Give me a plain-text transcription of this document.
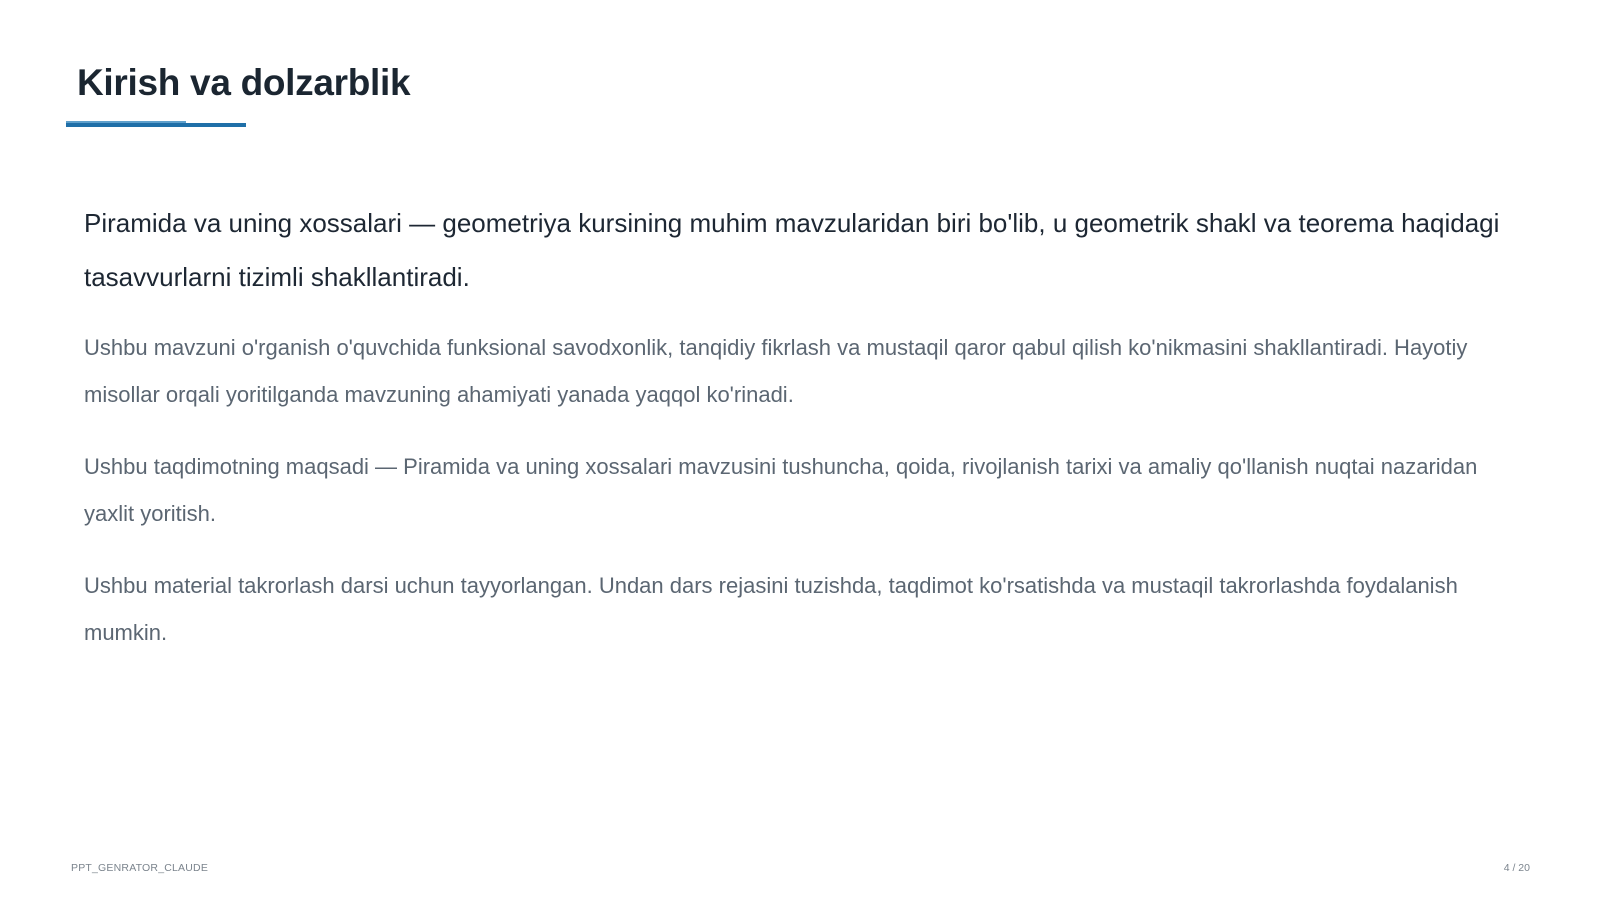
Kirish va dolzarblik

Piramida va uning xossalari — geometriya kursining muhim mavzularidan biri bo'lib, u geometrik shakl va teorema haqidagi tasavvurlarni tizimli shakllantiradi.

Ushbu mavzuni o'rganish o'quvchida funksional savodxonlik, tanqidiy fikrlash va mustaqil qaror qabul qilish ko'nikmasini shakllantiradi. Hayotiy misollar orqali yoritilganda mavzuning ahamiyati yanada yaqqol ko'rinadi.

Ushbu taqdimotning maqsadi — Piramida va uning xossalari mavzusini tushuncha, qoida, rivojlanish tarixi va amaliy qo'llanish nuqtai nazaridan yaxlit yoritish.

Ushbu material takrorlash darsi uchun tayyorlangan. Undan dars rejasini tuzishda, taqdimot ko'rsatishda va mustaqil takrorlashda foydalanish mumkin.

PPT_GENRATOR_CLAUDE	4 / 20
